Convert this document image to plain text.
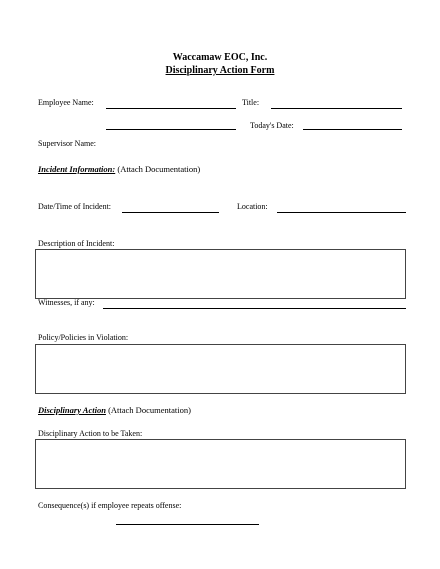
Waccamaw EOC, Inc.
Disciplinary Action Form
Employee Name:	Title:
Today's Date:
Supervisor Name:
Incident Information: (Attach Documentation)
Date/Time of Incident:	Location:
Description of Incident:
Witnesses, if any:
Policy/Policies in Violation:
Disciplinary Action (Attach Documentation)
Disciplinary Action to be Taken:
Consequence(s) if employee repeats offense:
